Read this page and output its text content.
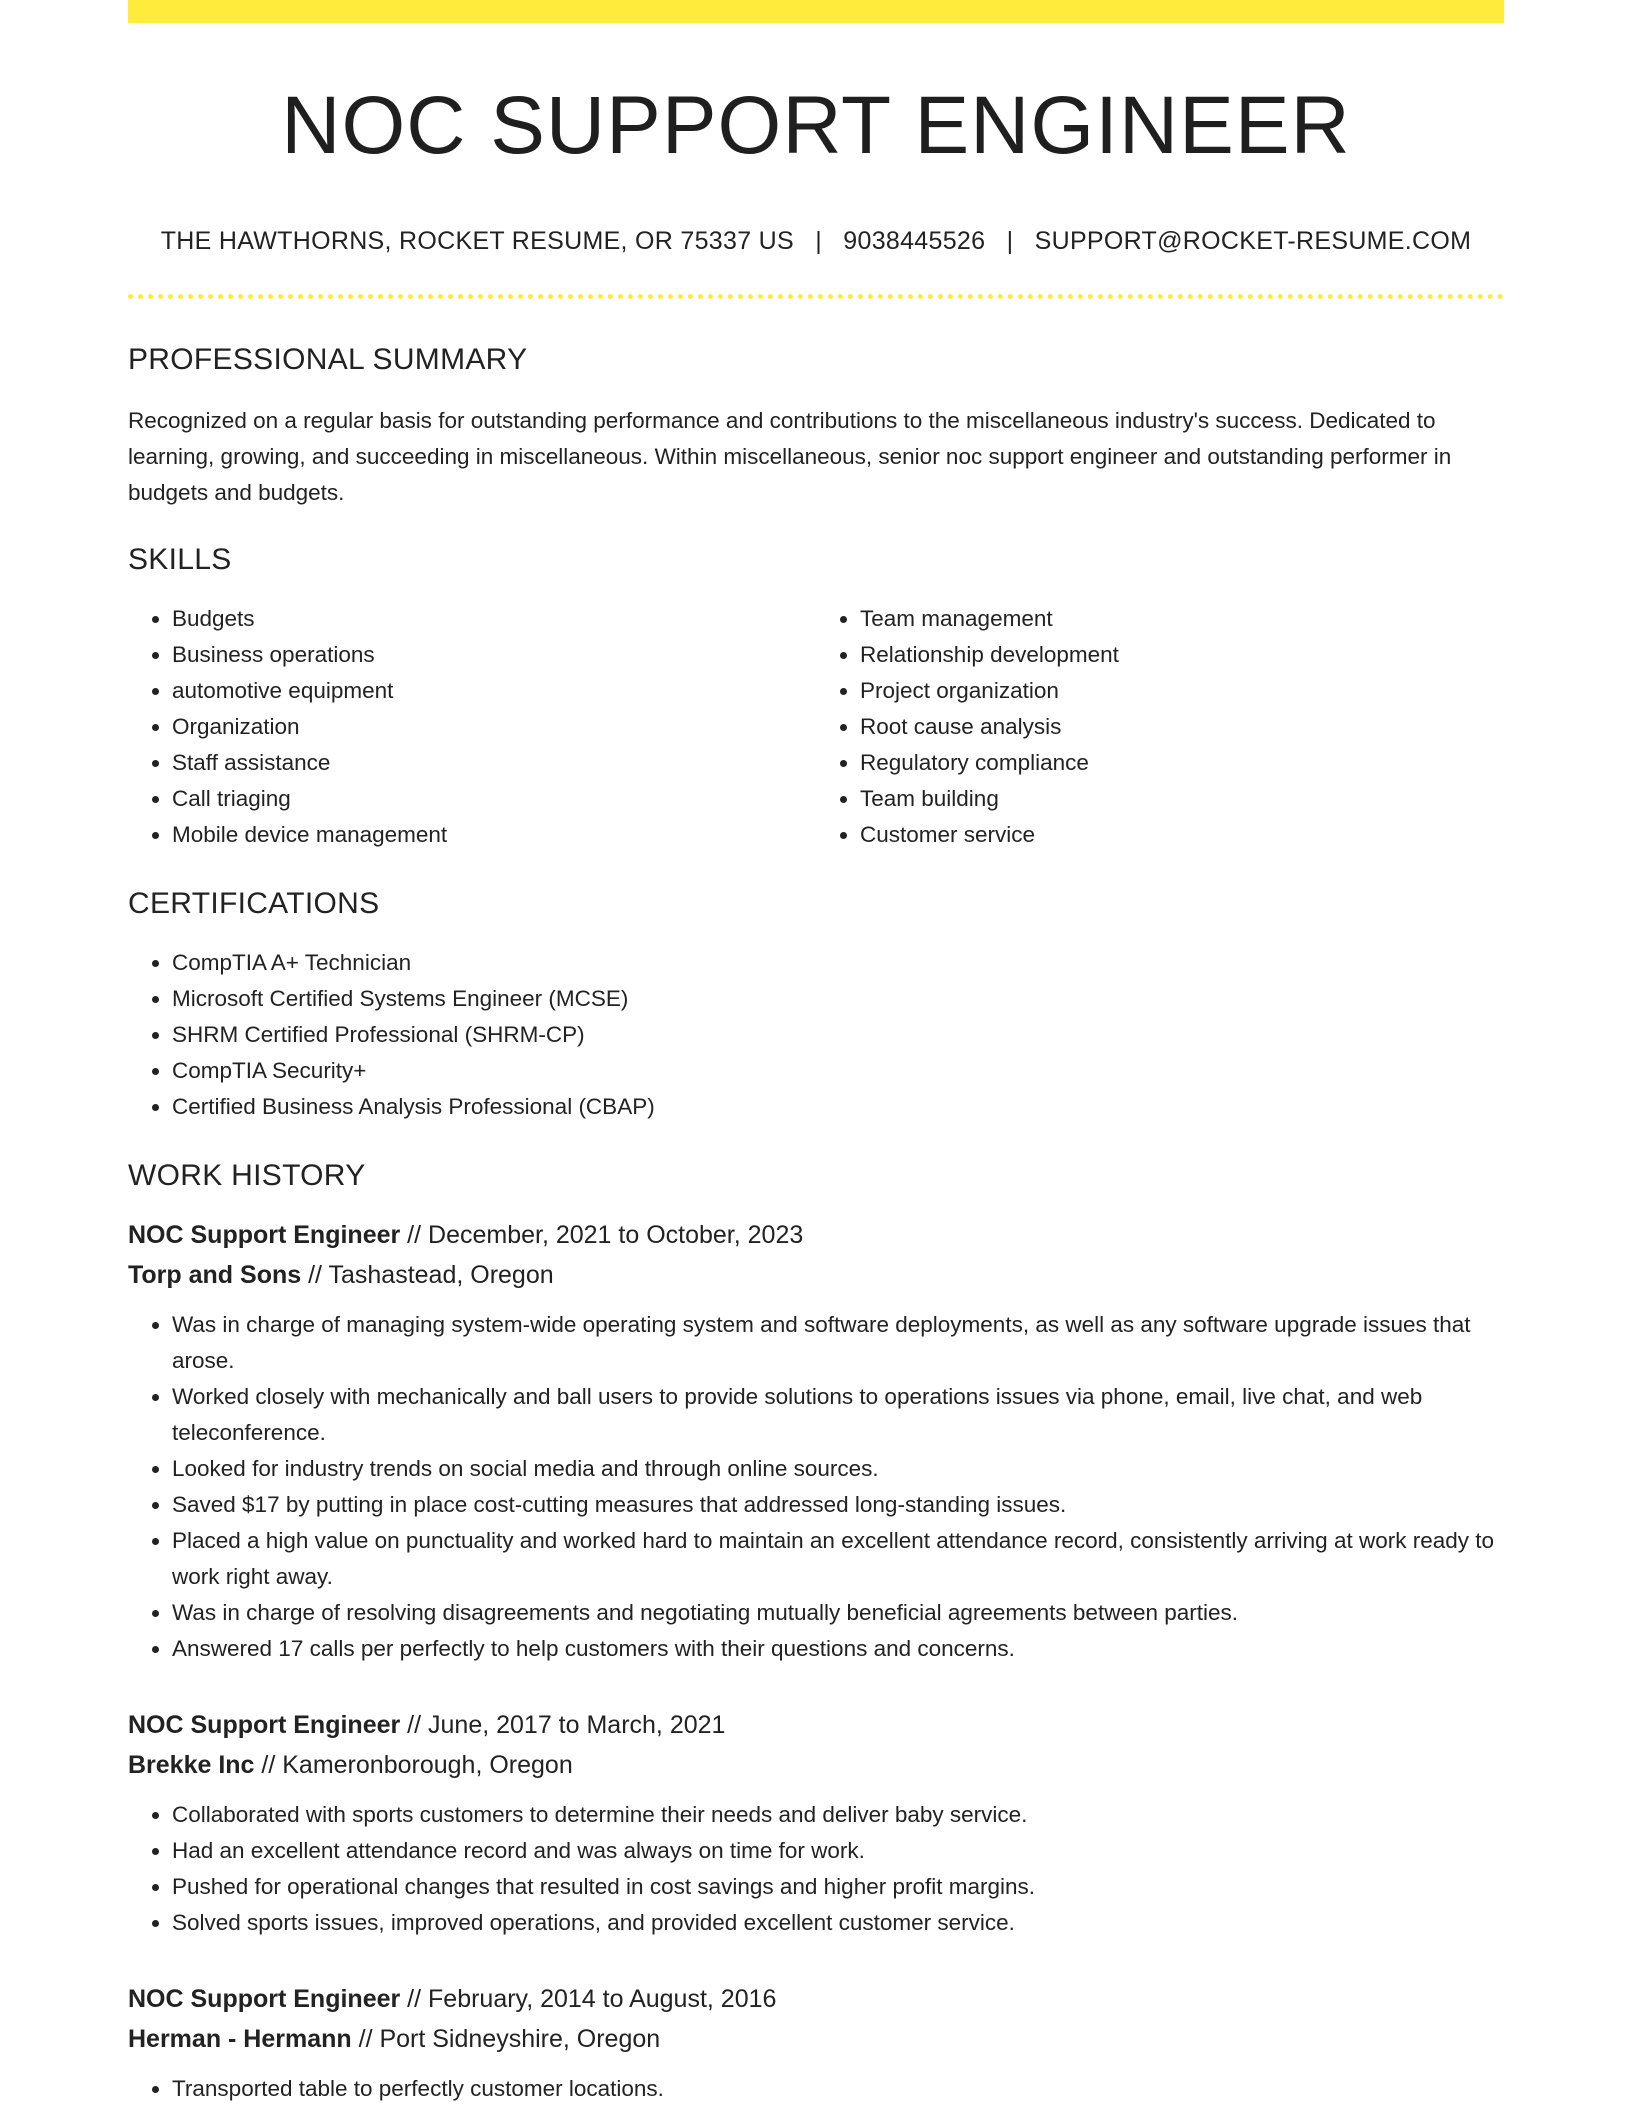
NOC SUPPORT ENGINEER
THE HAWTHORNS, ROCKET RESUME, OR 75337 US | 9038445526 | SUPPORT@ROCKET-RESUME.COM
PROFESSIONAL SUMMARY

Recognized on a regular basis for outstanding performance and contributions to the miscellaneous industry's success. Dedicated to learning, growing, and succeeding in miscellaneous. Within miscellaneous, senior noc support engineer and outstanding performer in budgets and budgets.

SKILLS
• Budgets
• Business operations
• automotive equipment
• Organization
• Staff assistance
• Call triaging
• Mobile device management
• Team management
• Relationship development
• Project organization
• Root cause analysis
• Regulatory compliance
• Team building
• Customer service
CERTIFICATIONS
• CompTIA A+ Technician
• Microsoft Certified Systems Engineer (MCSE)
• SHRM Certified Professional (SHRM-CP)
• CompTIA Security+
• Certified Business Analysis Professional (CBAP)
WORK HISTORY
NOC Support Engineer // December, 2021 to October, 2023
Torp and Sons // Tashastead, Oregon
• Was in charge of managing system-wide operating system and software deployments, as well as any software upgrade issues that arose.
• Worked closely with mechanically and ball users to provide solutions to operations issues via phone, email, live chat, and web teleconference.
• Looked for industry trends on social media and through online sources.
• Saved $17 by putting in place cost-cutting measures that addressed long-standing issues.
• Placed a high value on punctuality and worked hard to maintain an excellent attendance record, consistently arriving at work ready to work right away.
• Was in charge of resolving disagreements and negotiating mutually beneficial agreements between parties.
• Answered 17 calls per perfectly to help customers with their questions and concerns.
NOC Support Engineer // June, 2017 to March, 2021
Brekke Inc // Kameronborough, Oregon
• Collaborated with sports customers to determine their needs and deliver baby service.
• Had an excellent attendance record and was always on time for work.
• Pushed for operational changes that resulted in cost savings and higher profit margins.
• Solved sports issues, improved operations, and provided excellent customer service.
NOC Support Engineer // February, 2014 to August, 2016
Herman - Hermann // Port Sidneyshire, Oregon
• Transported table to perfectly customer locations.
